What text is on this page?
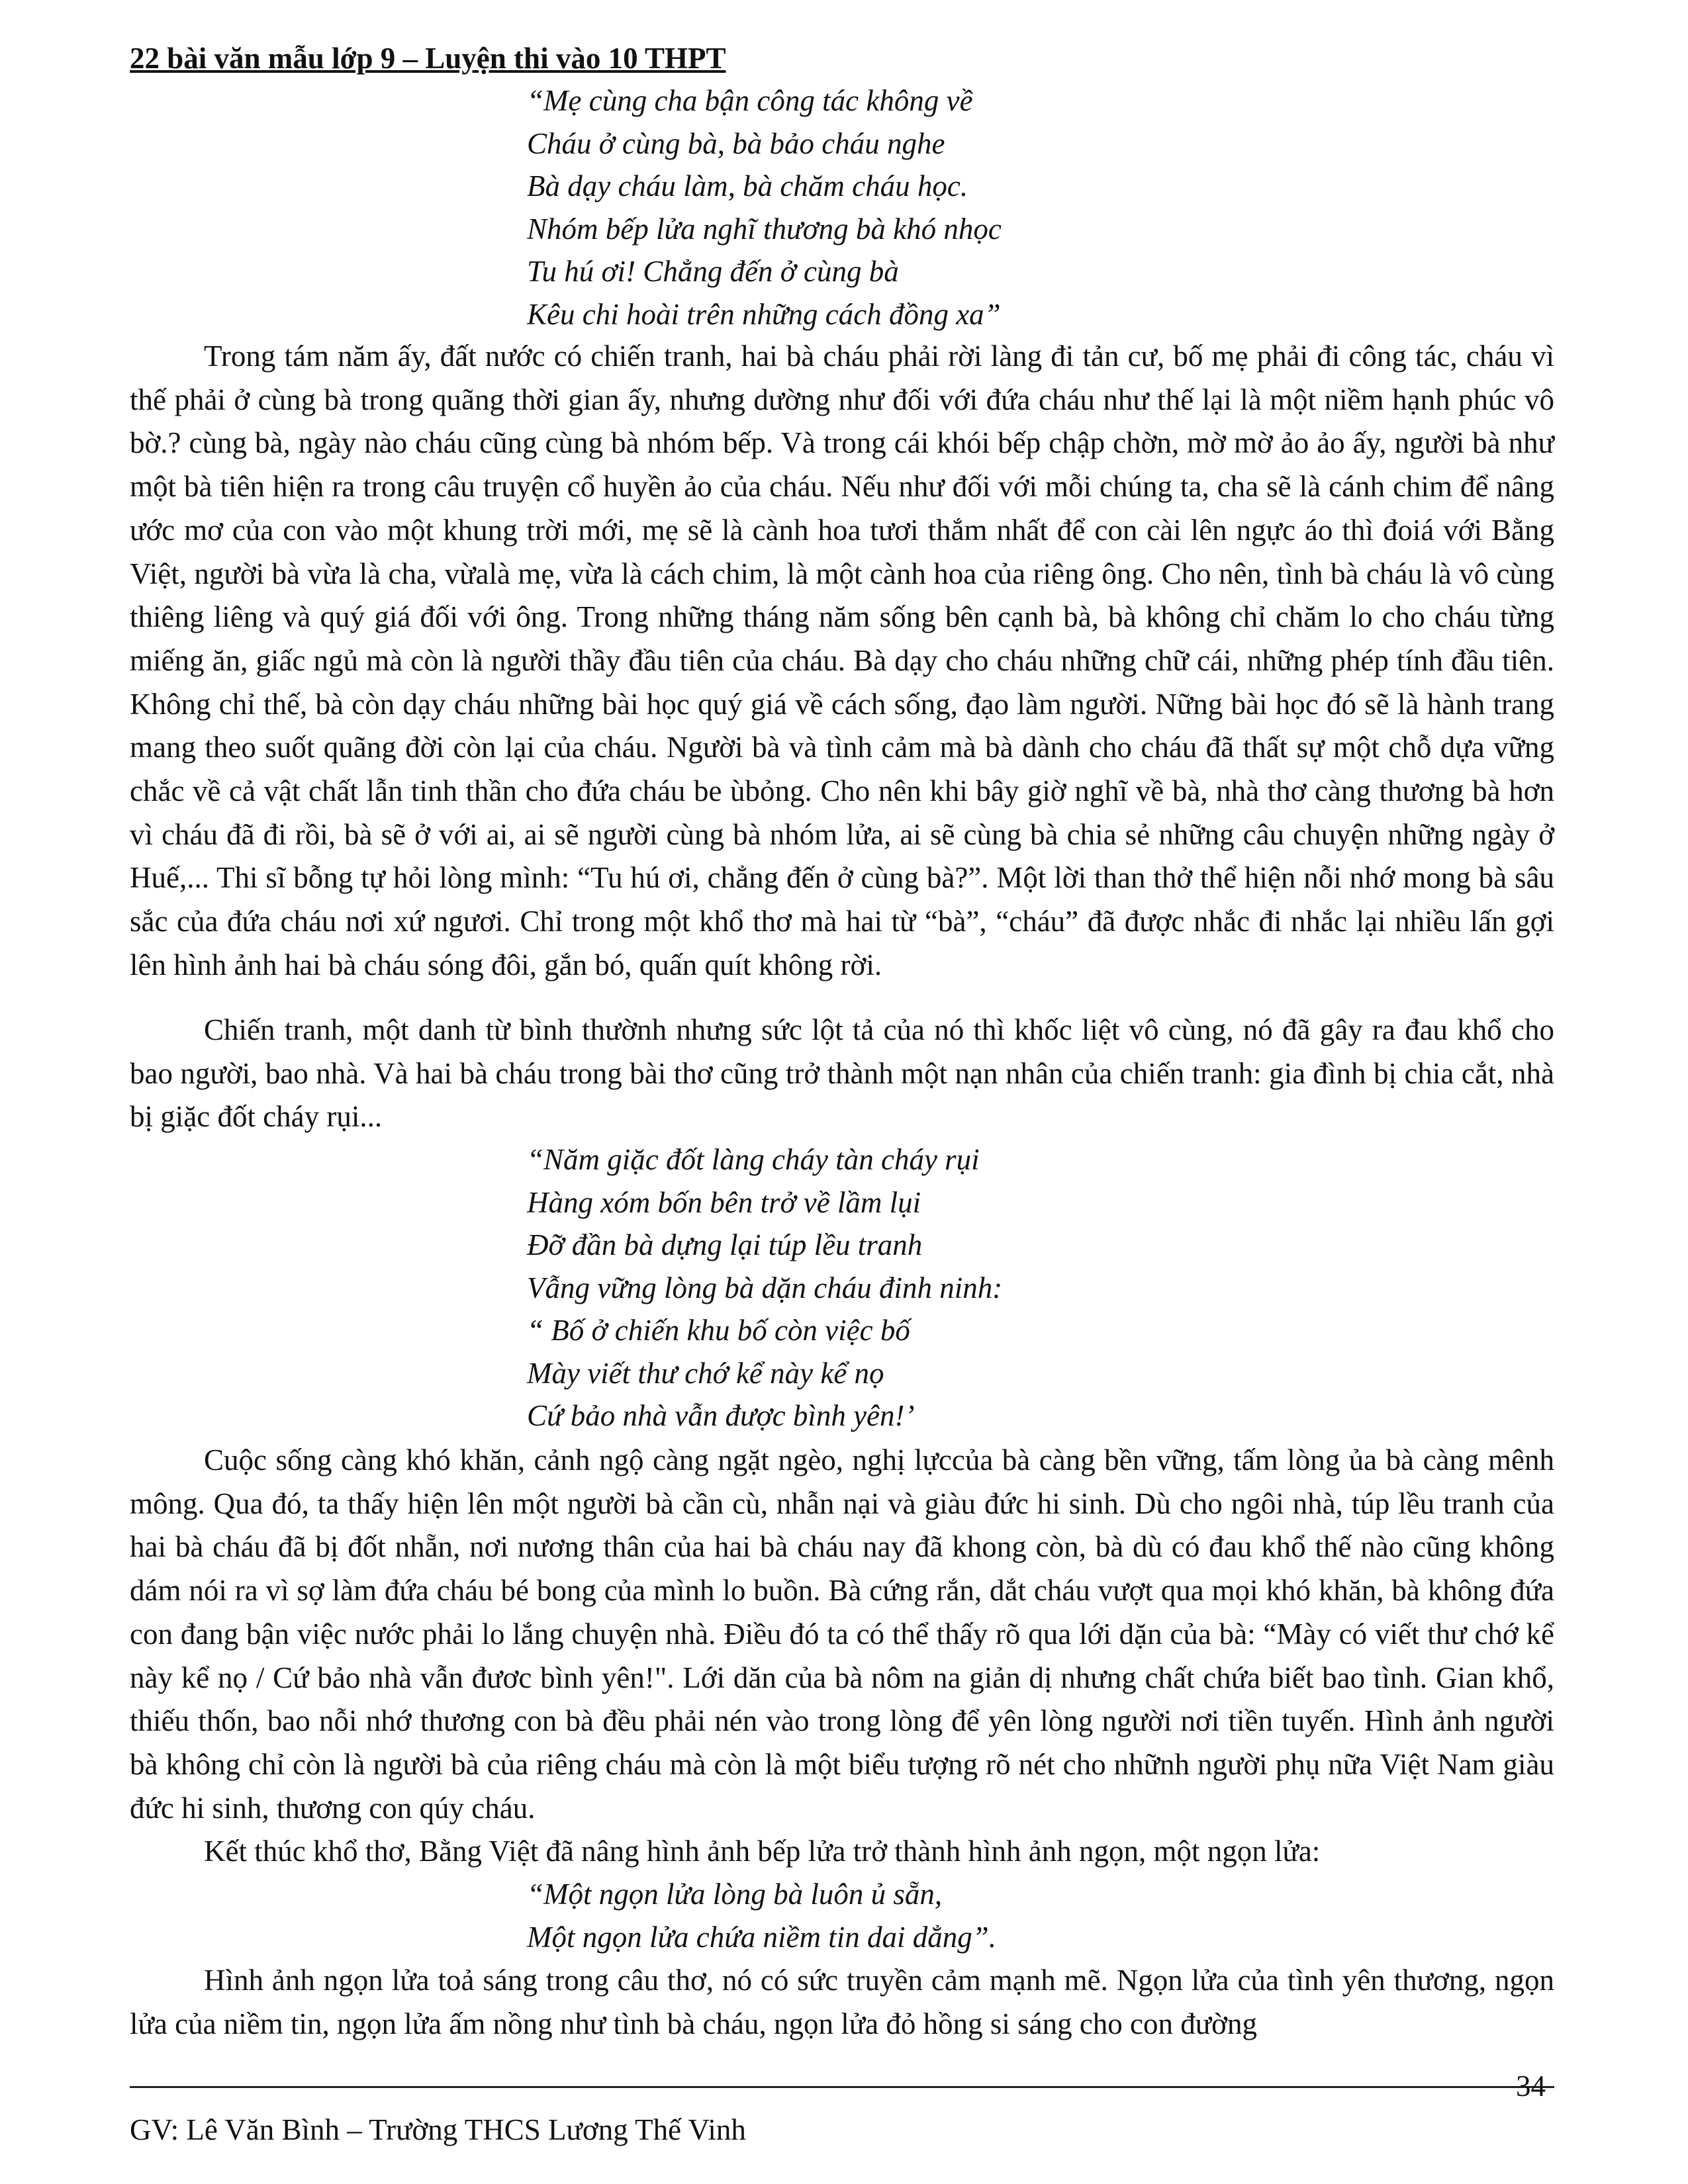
22 bài văn mẫu lớp 9 – Luyện thi vào 10 THPT
“Mẹ cùng cha bận công tác không về
Cháu ở cùng bà, bà bảo cháu nghe
Bà dạy cháu làm, bà chăm cháu học.
Nhóm bếp lửa nghĩ thương bà khó nhọc
Tu hú ơi! Chẳng đến ở cùng bà
Kêu chi hoài trên những cách đồng xa”
Trong tám năm ấy, đất nước có chiến tranh, hai bà cháu phải rời làng đi tản cư, bố mẹ phải đi công tác, cháu vì thế phải ở cùng bà trong quãng thời gian ấy, nhưng dường như đối với đứa cháu như thế lại là một niềm hạnh phúc vô bờ.? cùng bà, ngày nào cháu cũng cùng bà nhóm bếp. Và trong cái khói bếp chập chờn, mờ mờ ảo ảo ấy, người bà như một bà tiên hiện ra trong câu truyện cổ huyền ảo của cháu. Nếu như đối với mỗi chúng ta, cha sẽ là cánh chim để nâng ước mơ của con vào một khung trời mới, mẹ sẽ là cành hoa tươi thắm nhất để con cài lên ngực áo thì đoiá với Bằng Việt, người bà vừa là cha, vừalà mẹ, vừa là cách chim, là một cành hoa của riêng ông. Cho nên, tình bà cháu là vô cùng thiêng liêng và quý giá đối với ông. Trong những tháng năm sống bên cạnh bà, bà không chỉ chăm lo cho cháu từng miếng ăn, giấc ngủ mà còn là người thầy đầu tiên của cháu. Bà dạy cho cháu những chữ cái, những phép tính đầu tiên. Không chỉ thế, bà còn dạy cháu những bài học quý giá về cách sống, đạo làm người. Nững bài học đó sẽ là hành trang mang theo suốt quãng đời còn lại của cháu. Người bà và tình cảm mà bà dành cho cháu đã thất sự một chỗ dựa vững chắc về cả vật chất lẫn tinh thần cho đứa cháu be ùbỏng. Cho nên khi bây giờ nghĩ về bà, nhà thơ càng thương bà hơn vì cháu đã đi rồi, bà sẽ ở với ai, ai sẽ người cùng bà nhóm lửa, ai sẽ cùng bà chia sẻ những câu chuyện những ngày ở Huế,... Thi sĩ bỗng tự hỏi lòng mình: “Tu hú ơi, chẳng đến ở cùng bà?”. Một lời than thở thể hiện nỗi nhớ mong bà sâu sắc của đứa cháu nơi xứ ngươi. Chỉ trong một khổ thơ mà hai từ “bà”, “cháu” đã được nhắc đi nhắc lại nhiều lấn gợi lên hình ảnh hai bà cháu sóng đôi, gắn bó, quấn quít không rời.
Chiến tranh, một danh từ bình thườnh nhưng sức lột tả của nó thì khốc liệt vô cùng, nó đã gây ra đau khổ cho bao người, bao nhà. Và hai bà cháu trong bài thơ cũng trở thành một nạn nhân của chiến tranh: gia đình bị chia cắt, nhà bị giặc đốt cháy rụi...
“Năm giặc đốt làng cháy tàn cháy rụi
Hàng xóm bốn bên trở về lầm lụi
Đỡ đần bà dựng lại túp lều tranh
Vẫng vững lòng bà dặn cháu đinh ninh:
“ Bố ở chiến khu bố còn việc bố
Mày viết thư chớ kể này kể nọ
Cứ bảo nhà vẫn được bình yên!’
Cuộc sống càng khó khăn, cảnh ngộ càng ngặt ngèo, nghị lựccủa bà càng bền vững, tấm lòng ủa bà càng mênh mông. Qua đó, ta thấy hiện lên một người bà cần cù, nhẫn nại và giàu đức hi sinh. Dù cho ngôi nhà, túp lều tranh của hai bà cháu đã bị đốt nhẵn, nơi nương thân của hai bà cháu nay đã khong còn, bà dù có đau khổ thế nào cũng không dám nói ra vì sợ làm đứa cháu bé bong của mình lo buồn. Bà cứng rắn, dắt cháu vượt qua mọi khó khăn, bà không đứa con đang bận việc nước phải lo lắng chuyện nhà. Điều đó ta có thể thấy rõ qua lới dặn của bà: “Mày có viết thư chớ kể này kể nọ / Cứ bảo nhà vẫn đươc bình yên!". Lới dăn của bà nôm na giản dị nhưng chất chứa biết bao tình. Gian khổ, thiếu thốn, bao nỗi nhớ thương con bà đều phải nén vào trong lòng để yên lòng người nơi tiền tuyến. Hình ảnh người bà không chỉ còn là người bà của riêng cháu mà còn là một biểu tượng rõ nét cho nhữnh người phụ nữa Việt Nam giàu đức hi sinh, thương con qúy cháu.
Kết thúc khổ thơ, Bằng Việt đã nâng hình ảnh bếp lửa trở thành hình ảnh ngọn, một ngọn lửa:
“Một ngọn lửa lòng bà luôn ủ sẵn,
Một ngọn lửa chứa niềm tin dai dẳng”.
Hình ảnh ngọn lửa toả sáng trong câu thơ, nó có sức truyền cảm mạnh mẽ. Ngọn lửa của tình yên thương, ngọn lửa của niềm tin, ngọn lửa ấm nồng như tình bà cháu, ngọn lửa đỏ hồng si sáng cho con đường
34
GV: Lê Văn Bình – Trường THCS Lương Thế Vinh
